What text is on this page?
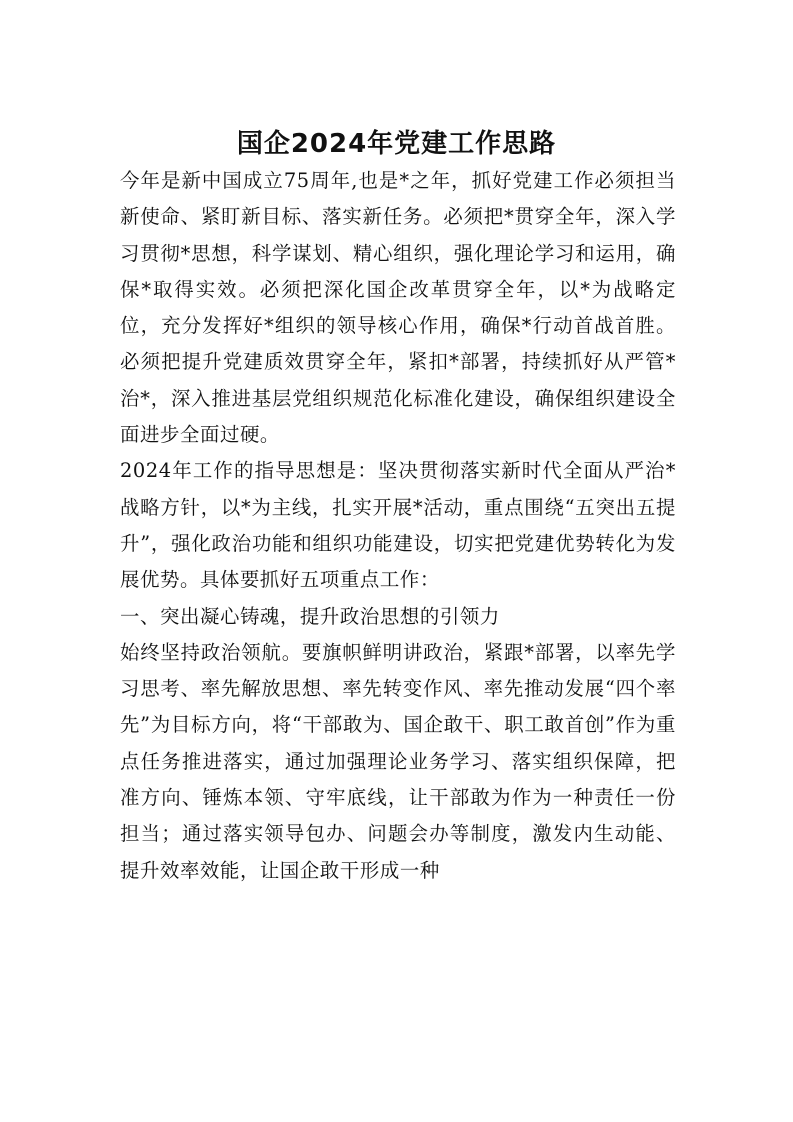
国企2024年党建工作思路

今年是新中国成立75周年,也是*之年，抓好党建工作必须担当新使命、紧盯新目标、落实新任务。必须把*贯穿全年，深入学习贯彻*思想，科学谋划、精心组织，强化理论学习和运用，确保*取得实效。必须把深化国企改革贯穿全年，以*为战略定位，充分发挥好*组织的领导核心作用，确保*行动首战首胜。必须把提升党建质效贯穿全年，紧扣*部署，持续抓好从严管*治*，深入推进基层党组织规范化标准化建设，确保组织建设全面进步全面过硬。

2024年工作的指导思想是：坚决贯彻落实新时代全面从严治*战略方针，以*为主线，扎实开展*活动，重点围绕“五突出五提升”，强化政治功能和组织功能建设，切实把党建优势转化为发展优势。具体要抓好五项重点工作：

一、突出凝心铸魂，提升政治思想的引领力

始终坚持政治领航。要旗帜鲜明讲政治，紧跟*部署，以率先学习思考、率先解放思想、率先转变作风、率先推动发展“四个率先”为目标方向，将“干部敢为、国企敢干、职工敢首创”作为重点任务推进落实，通过加强理论业务学习、落实组织保障，把准方向、锤炼本领、守牢底线，让干部敢为作为一种责任一份担当；通过落实领导包办、问题会办等制度，激发内生动能、提升效率效能，让国企敢干形成一种
